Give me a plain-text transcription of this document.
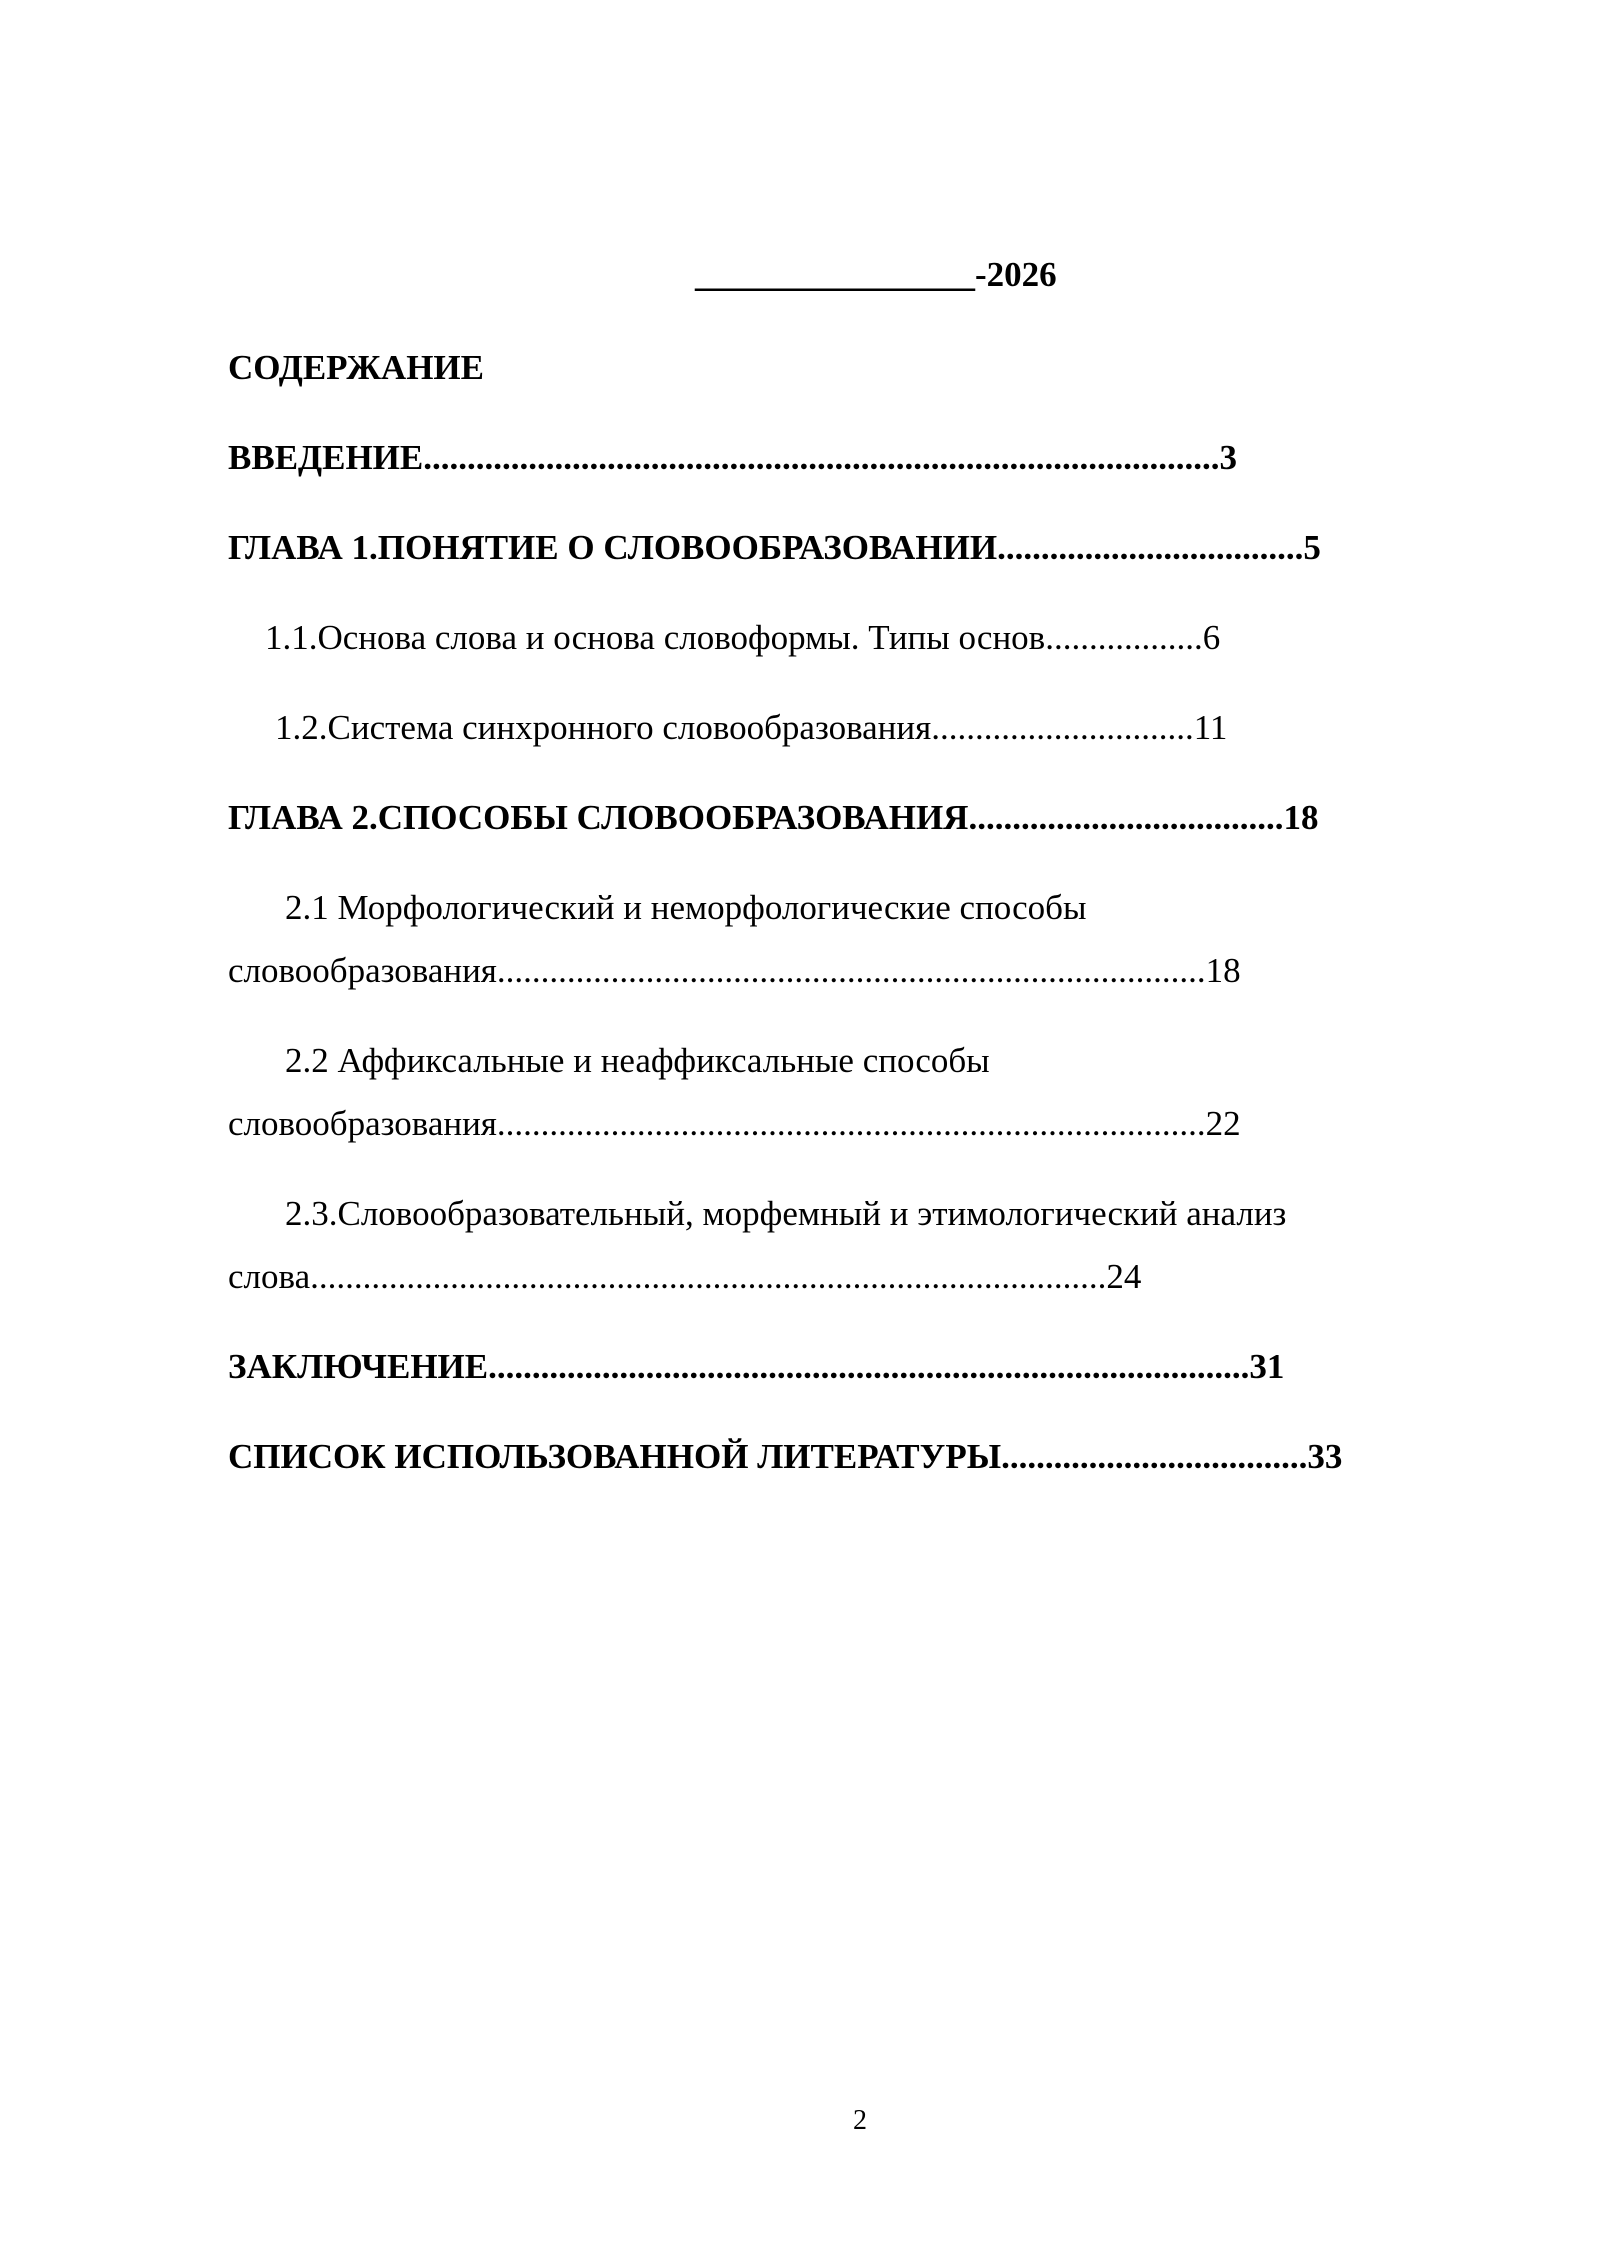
________________-2026
СОДЕРЖАНИЕ
ВВЕДЕНИЕ...........................................................................................3
ГЛАВА 1.ПОНЯТИЕ О СЛОВООБРАЗОВАНИИ...................................5
1.1.Основа слова и основа словоформы. Типы основ..................6
1.2.Система синхронного словообразования..............................11
ГЛАВА 2.СПОСОБЫ СЛОВООБРАЗОВАНИЯ....................................18
2.1 Морфологический и неморфологические способы
словообразования.................................................................................18
2.2 Аффиксальные и неаффиксальные способы
словообразования.................................................................................22
2.3.Словообразовательный, морфемный и этимологический анализ
слова...........................................................................................24
ЗАКЛЮЧЕНИЕ.......................................................................................31
СПИСОК ИСПОЛЬЗОВАННОЙ ЛИТЕРАТУРЫ...................................33
2
